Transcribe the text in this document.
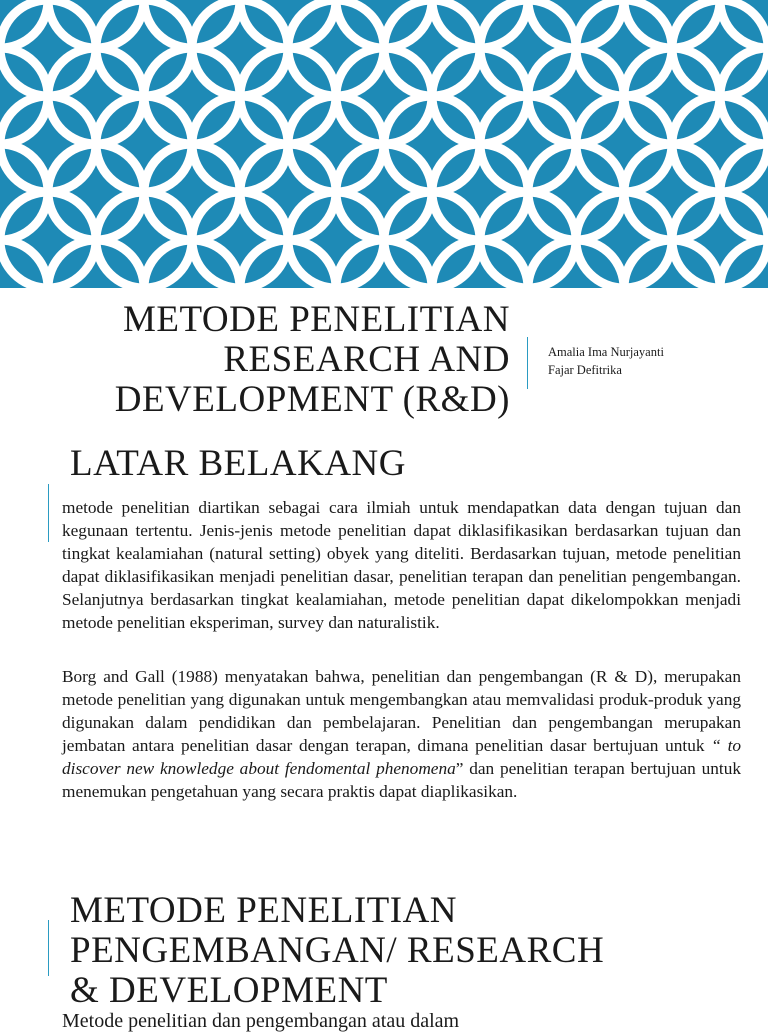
METODE PENELITIAN
RESEARCH AND
DEVELOPMENT (R&D)
Amalia Ima Nurjayanti
Fajar Defitrika
LATAR BELAKANG

metode penelitian diartikan sebagai cara ilmiah untuk mendapatkan data dengan tujuan dan kegunaan tertentu. Jenis-jenis metode penelitian dapat diklasifikasikan berdasarkan tujuan dan tingkat kealamiahan (natural setting) obyek yang diteliti. Berdasarkan tujuan, metode penelitian dapat diklasifikasikan menjadi penelitian dasar, penelitian terapan dan penelitian pengembangan. Selanjutnya berdasarkan tingkat kealamiahan, metode penelitian dapat dikelompokkan menjadi metode penelitian eksperiman, survey dan naturalistik.

Borg and Gall (1988) menyatakan bahwa, penelitian dan pengembangan (R & D), merupakan metode penelitian yang digunakan untuk mengembangkan atau memvalidasi produk-produk yang digunakan dalam pendidikan dan pembelajaran. Penelitian dan pengembangan merupakan jembatan antara penelitian dasar dengan terapan, dimana penelitian dasar bertujuan untuk “ to discover new knowledge about fendomental phenomena” dan penelitian terapan bertujuan untuk menemukan pengetahuan yang secara praktis dapat diaplikasikan.

METODE PENELITIAN
PENGEMBANGAN/ RESEARCH
& DEVELOPMENT

Metode penelitian dan pengembangan atau dalam
